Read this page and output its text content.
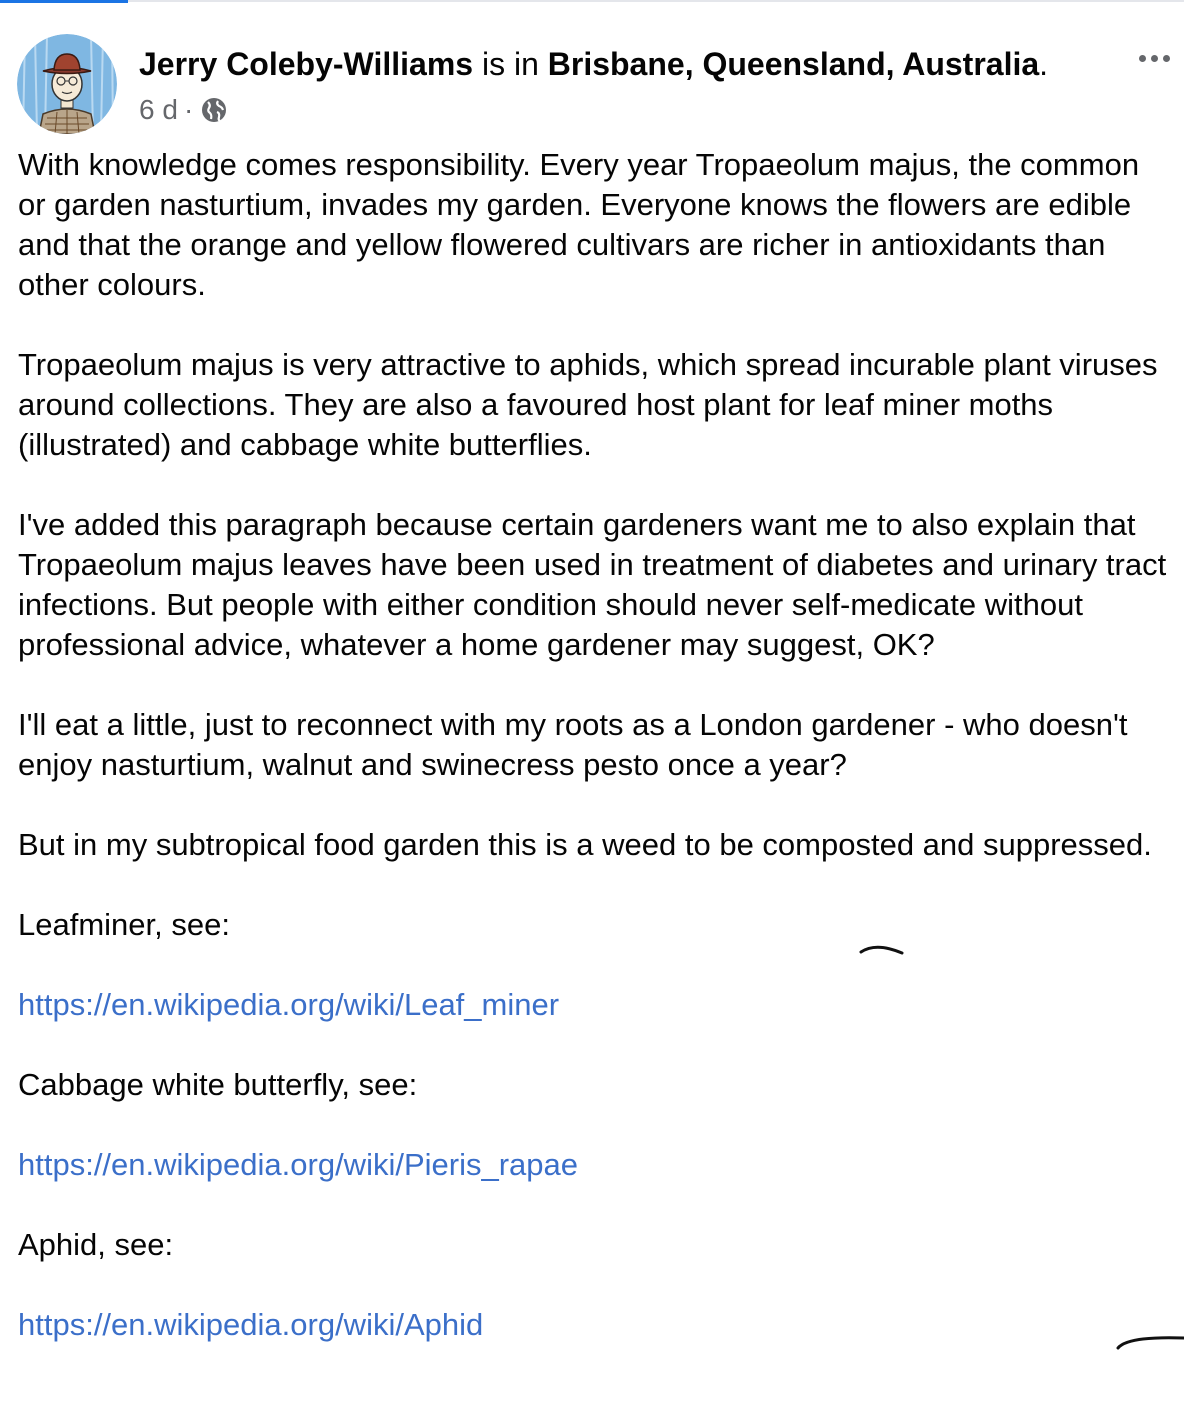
Jerry Coleby-Williams is in Brisbane, Queensland, Australia.
6 d ·

With knowledge comes responsibility. Every year Tropaeolum majus, the common or garden nasturtium, invades my garden. Everyone knows the flowers are edible and that the orange and yellow flowered cultivars are richer in antioxidants than other colours.

Tropaeolum majus is very attractive to aphids, which spread incurable plant viruses around collections. They are also a favoured host plant for leaf miner moths (illustrated) and cabbage white butterflies.

I've added this paragraph because certain gardeners want me to also explain that Tropaeolum majus leaves have been used in treatment of diabetes and urinary tract infections. But people with either condition should never self-medicate without professional advice, whatever a home gardener may suggest, OK?

I'll eat a little, just to reconnect with my roots as a London gardener - who doesn't enjoy nasturtium, walnut and swinecress pesto once a year?

But in my subtropical food garden this is a weed to be composted and suppressed.

Leafminer, see:

https://en.wikipedia.org/wiki/Leaf_miner

Cabbage white butterfly, see:

https://en.wikipedia.org/wiki/Pieris_rapae

Aphid, see:

https://en.wikipedia.org/wiki/Aphid
